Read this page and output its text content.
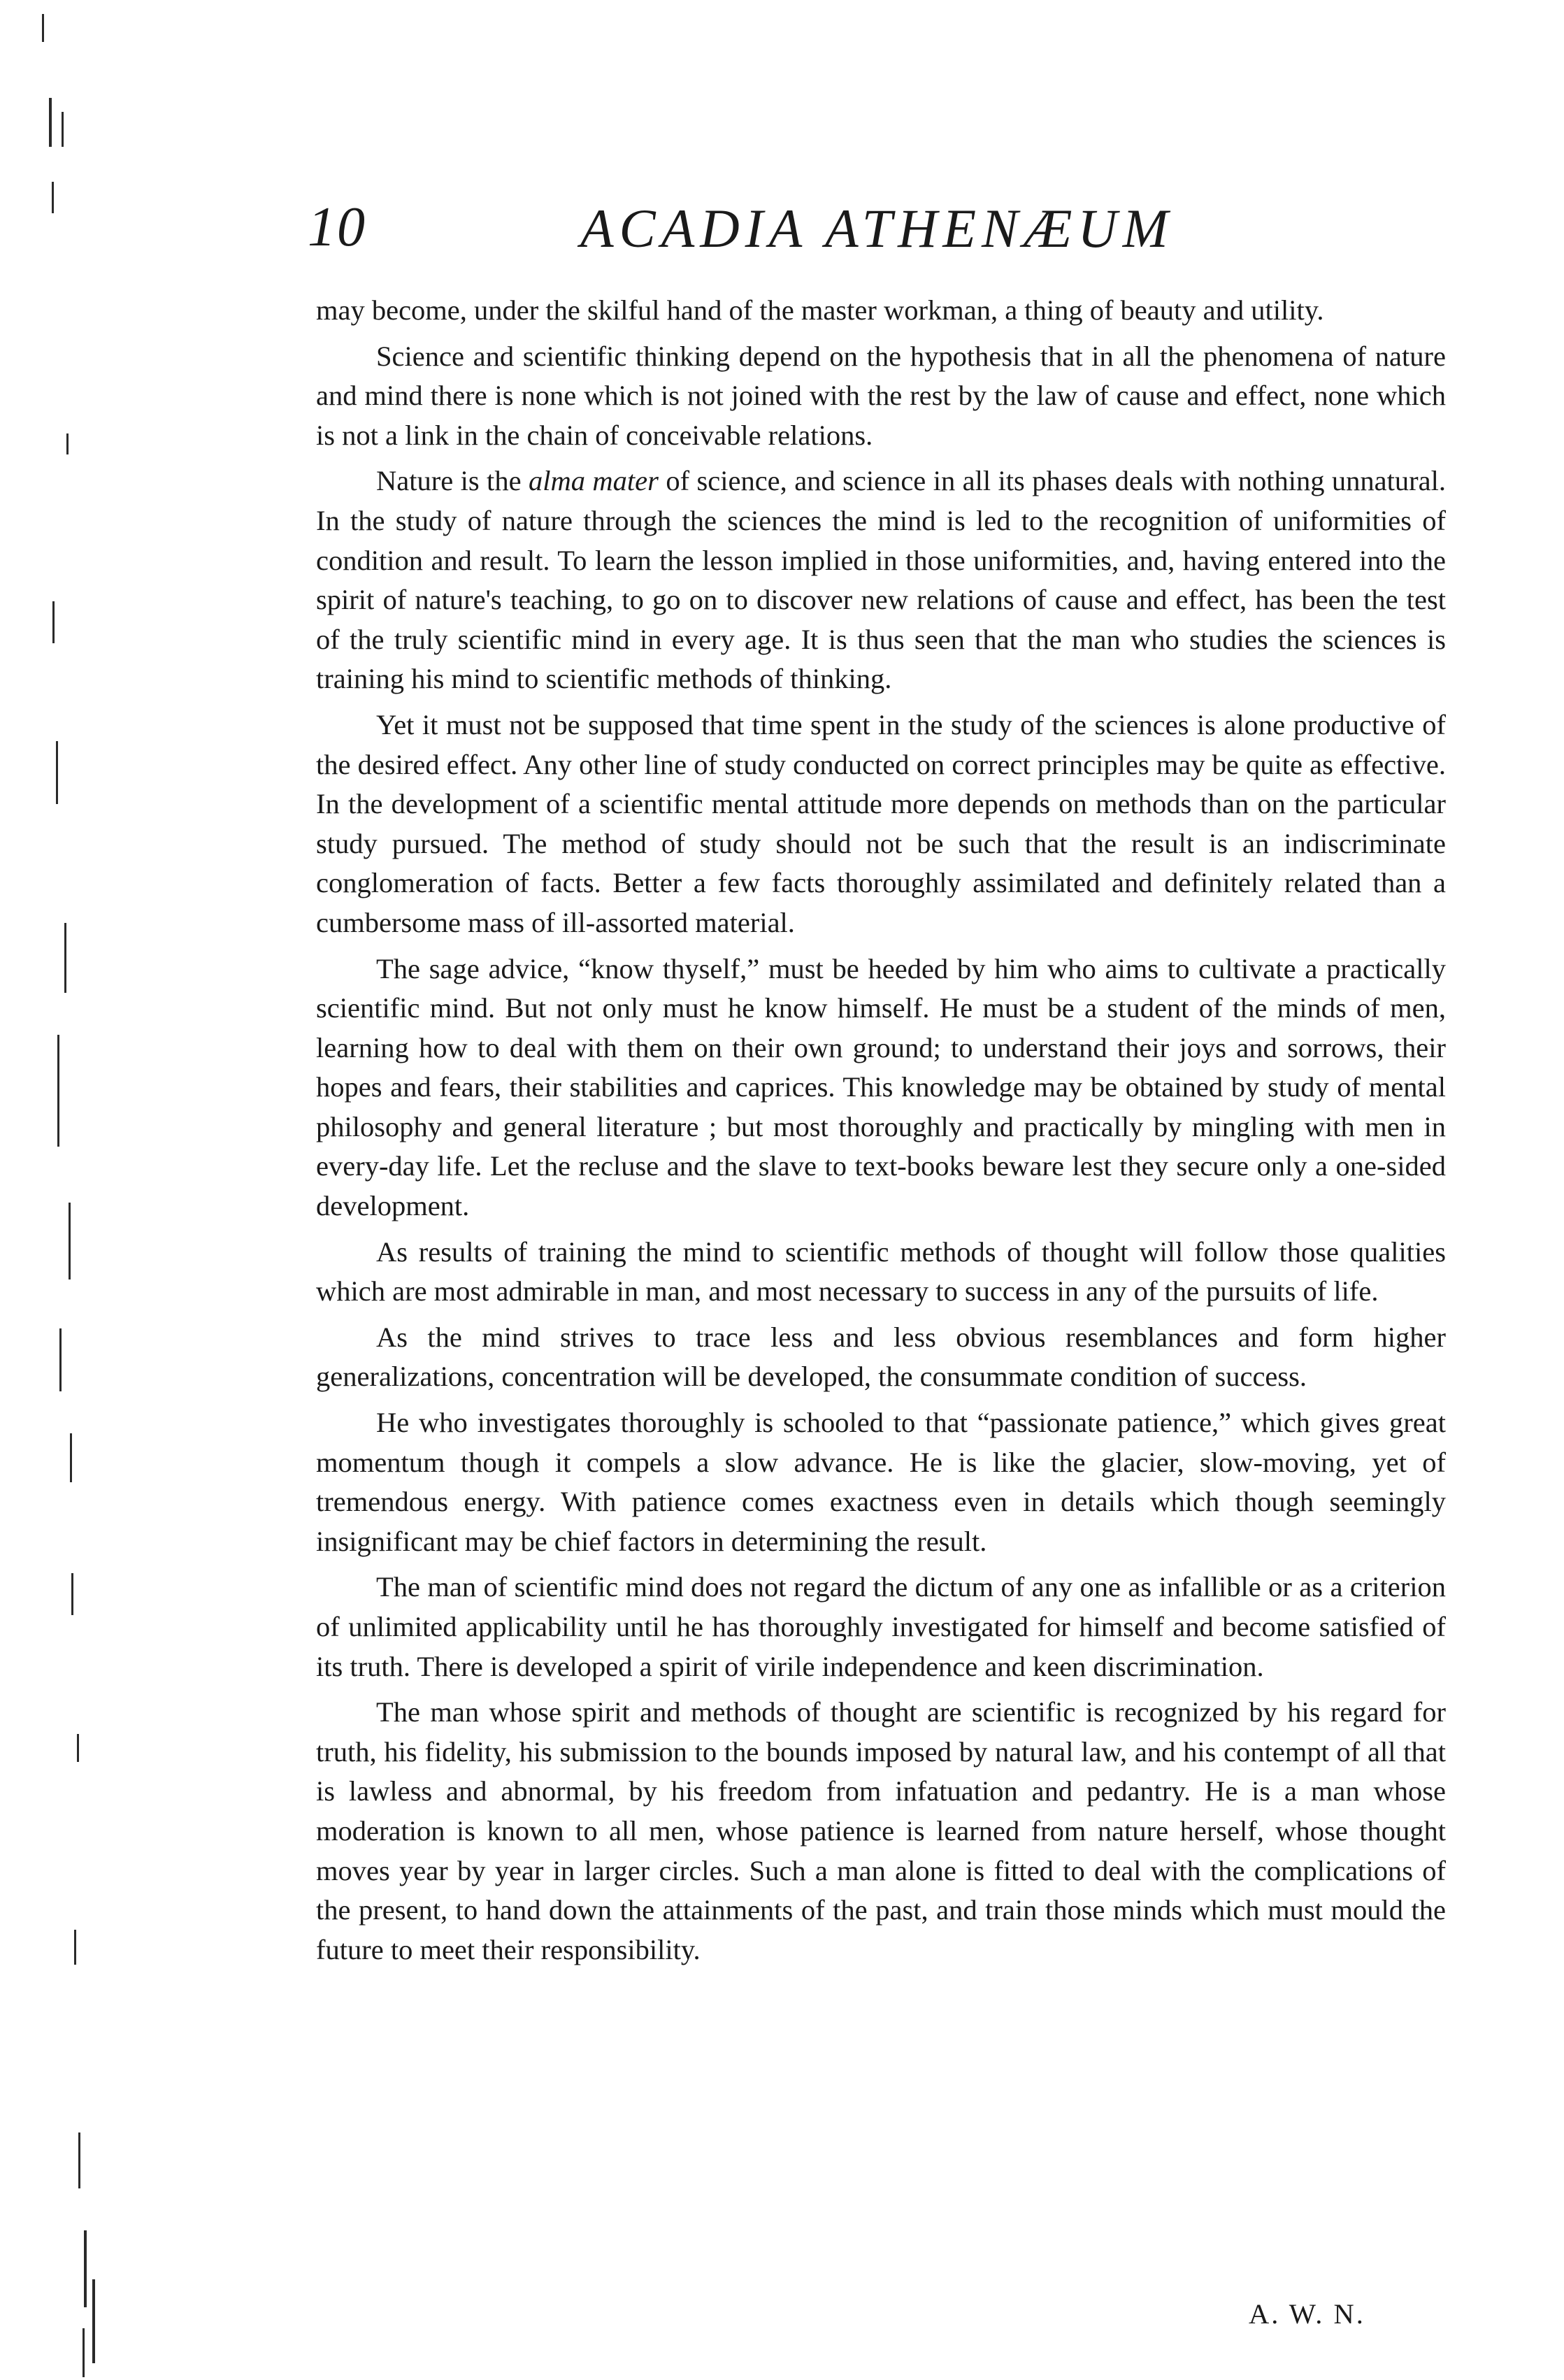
10	ACADIA ATHENÆUM

may become, under the skilful hand of the master workman, a thing of beauty and utility.

Science and scientific thinking depend on the hypothesis that in all the phenomena of nature and mind there is none which is not joined with the rest by the law of cause and effect, none which is not a link in the chain of conceivable relations.

Nature is the alma mater of science, and science in all its phases deals with nothing unnatural. In the study of nature through the sciences the mind is led to the recognition of uniformities of condition and result. To learn the lesson implied in those uniformities, and, having entered into the spirit of nature's teaching, to go on to discover new relations of cause and effect, has been the test of the truly scientific mind in every age. It is thus seen that the man who studies the sciences is training his mind to scientific methods of thinking.

Yet it must not be supposed that time spent in the study of the sciences is alone productive of the desired effect. Any other line of study conducted on correct principles may be quite as effective. In the development of a scientific mental attitude more depends on methods than on the particular study pursued. The method of study should not be such that the result is an indiscriminate conglomeration of facts. Better a few facts thoroughly assimilated and definitely related than a cumbersome mass of ill-assorted material.

The sage advice, “know thyself,” must be heeded by him who aims to cultivate a practically scientific mind. But not only must he know himself. He must be a student of the minds of men, learning how to deal with them on their own ground; to understand their joys and sorrows, their hopes and fears, their stabilities and caprices. This knowledge may be obtained by study of mental philosophy and general literature ; but most thoroughly and practically by mingling with men in every-day life. Let the recluse and the slave to text-books beware lest they secure only a one-sided development.

As results of training the mind to scientific methods of thought will follow those qualities which are most admirable in man, and most necessary to success in any of the pursuits of life.

As the mind strives to trace less and less obvious resemblances and form higher generalizations, concentration will be developed, the consummate condition of success.

He who investigates thoroughly is schooled to that “passionate patience,” which gives great momentum though it compels a slow advance. He is like the glacier, slow-moving, yet of tremendous energy. With patience comes exactness even in details which though seemingly insignificant may be chief factors in determining the result.

The man of scientific mind does not regard the dictum of any one as infallible or as a criterion of unlimited applicability until he has thoroughly investigated for himself and become satisfied of its truth. There is developed a spirit of virile independence and keen discrimination.

The man whose spirit and methods of thought are scientific is recognized by his regard for truth, his fidelity, his submission to the bounds imposed by natural law, and his contempt of all that is lawless and abnormal, by his freedom from infatuation and pedantry. He is a man whose moderation is known to all men, whose patience is learned from nature herself, whose thought moves year by year in larger circles. Such a man alone is fitted to deal with the complications of the present, to hand down the attainments of the past, and train those minds which must mould the future to meet their responsibility.

A. W. N.
